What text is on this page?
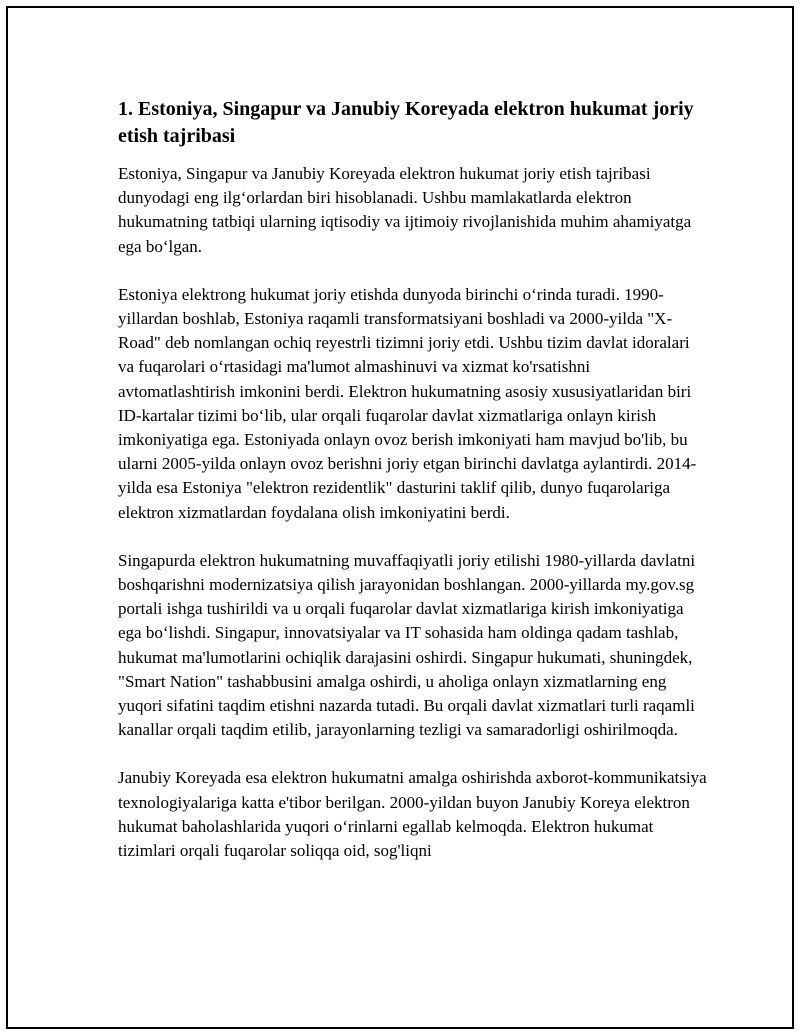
1. Estoniya, Singapur va Janubiy Koreyada elektron hukumat joriy etish tajribasi

Estoniya, Singapur va Janubiy Koreyada elektron hukumat joriy etish tajribasi dunyodagi eng ilg‘orlardan biri hisoblanadi. Ushbu mamlakatlarda elektron hukumatning tatbiqi ularning iqtisodiy va ijtimoiy rivojlanishida muhim ahamiyatga ega bo‘lgan.

Estoniya elektrong hukumat joriy etishda dunyoda birinchi o‘rinda turadi. 1990-yillardan boshlab, Estoniya raqamli transformatsiyani boshladi va 2000-yilda "X-Road" deb nomlangan ochiq reyestrli tizimni joriy etdi. Ushbu tizim davlat idoralari va fuqarolari o‘rtasidagi ma'lumot almashinuvi va xizmat ko'rsatishni avtomatlashtirish imkonini berdi. Elektron hukumatning asosiy xususiyatlaridan biri ID-kartalar tizimi bo‘lib, ular orqali fuqarolar davlat xizmatlariga onlayn kirish imkoniyatiga ega. Estoniyada onlayn ovoz berish imkoniyati ham mavjud bo'lib, bu ularni 2005-yilda onlayn ovoz berishni joriy etgan birinchi davlatga aylantirdi. 2014-yilda esa Estoniya "elektron rezidentlik" dasturini taklif qilib, dunyo fuqarolariga elektron xizmatlardan foydalana olish imkoniyatini berdi.

Singapurda elektron hukumatning muvaffaqiyatli joriy etilishi 1980-yillarda davlatni boshqarishni modernizatsiya qilish jarayonidan boshlangan. 2000-yillarda my.gov.sg portali ishga tushirildi va u orqali fuqarolar davlat xizmatlariga kirish imkoniyatiga ega bo‘lishdi. Singapur, innovatsiyalar va IT sohasida ham oldinga qadam tashlab, hukumat ma'lumotlarini ochiqlik darajasini oshirdi. Singapur hukumati, shuningdek, "Smart Nation" tashabbusini amalga oshirdi, u aholiga onlayn xizmatlarning eng yuqori sifatini taqdim etishni nazarda tutadi. Bu orqali davlat xizmatlari turli raqamli kanallar orqali taqdim etilib, jarayonlarning tezligi va samaradorligi oshirilmoqda.

Janubiy Koreyada esa elektron hukumatni amalga oshirishda axborot-kommunikatsiya texnologiyalariga katta e'tibor berilgan. 2000-yildan buyon Janubiy Koreya elektron hukumat baholashlarida yuqori o‘rinlarni egallab kelmoqda. Elektron hukumat tizimlari orqali fuqarolar soliqqa oid, sog'liqni
